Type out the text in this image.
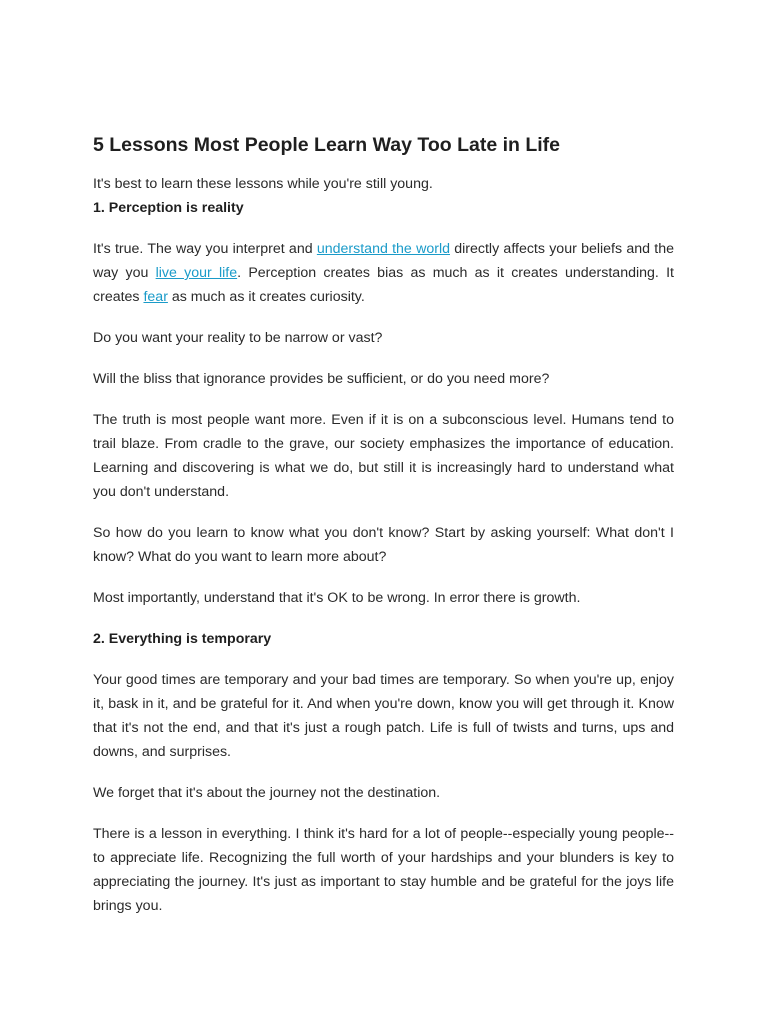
5 Lessons Most People Learn Way Too Late in Life

It's best to learn these lessons while you're still young.

1. Perception is reality

It's true. The way you interpret and understand the world directly affects your beliefs and the way you live your life. Perception creates bias as much as it creates understanding. It creates fear as much as it creates curiosity.

Do you want your reality to be narrow or vast?

Will the bliss that ignorance provides be sufficient, or do you need more?

The truth is most people want more. Even if it is on a subconscious level. Humans tend to trail blaze. From cradle to the grave, our society emphasizes the importance of education. Learning and discovering is what we do, but still it is increasingly hard to understand what you don't understand.

So how do you learn to know what you don't know? Start by asking yourself: What don't I know? What do you want to learn more about?

Most importantly, understand that it's OK to be wrong. In error there is growth.

2. Everything is temporary

Your good times are temporary and your bad times are temporary. So when you're up, enjoy it, bask in it, and be grateful for it. And when you're down, know you will get through it. Know that it's not the end, and that it's just a rough patch. Life is full of twists and turns, ups and downs, and surprises.

We forget that it's about the journey not the destination.

There is a lesson in everything. I think it's hard for a lot of people--especially young people--to appreciate life. Recognizing the full worth of your hardships and your blunders is key to appreciating the journey. It's just as important to stay humble and be grateful for the joys life brings you.
